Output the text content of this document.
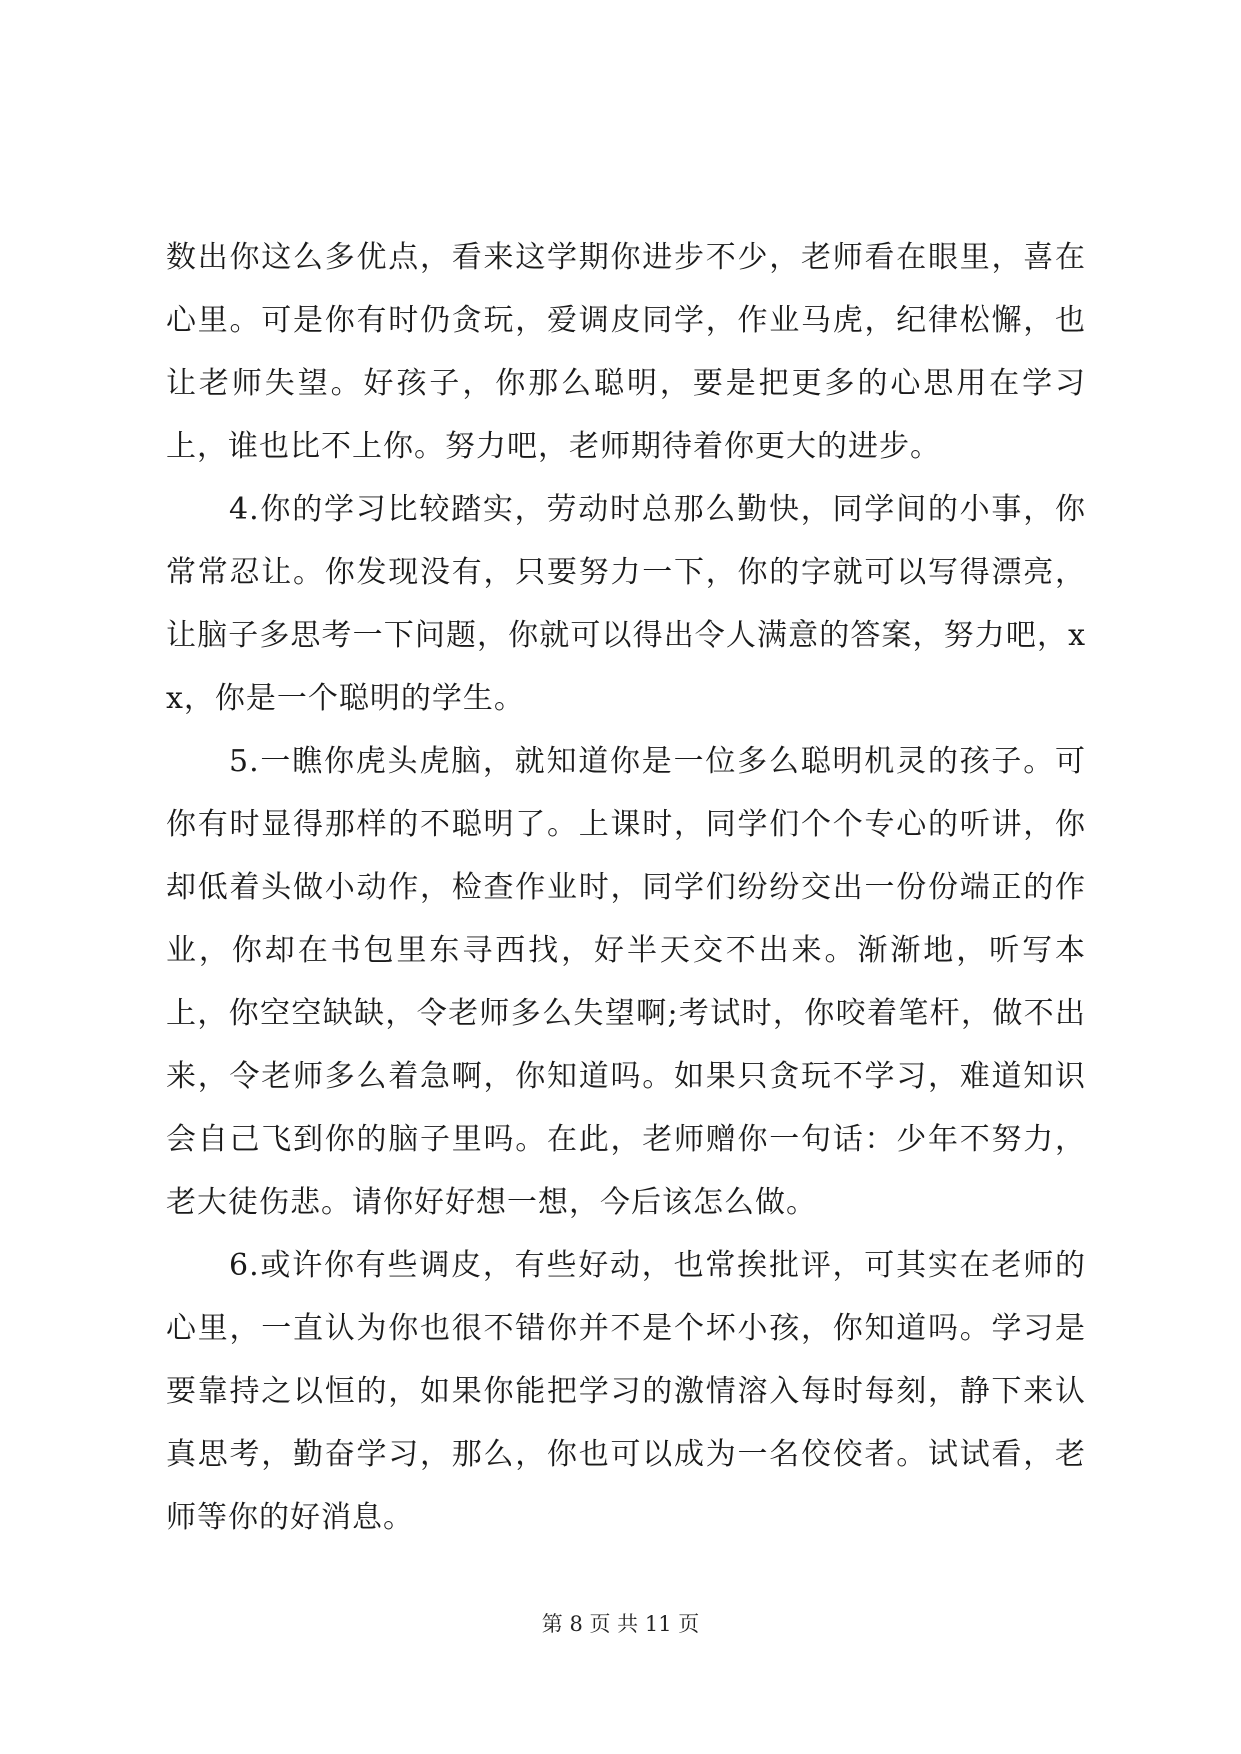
数出你这么多优点，看来这学期你进步不少，老师看在眼里，喜在心里。可是你有时仍贪玩，爱调皮同学，作业马虎，纪律松懈，也让老师失望。好孩子，你那么聪明，要是把更多的心思用在学习上，谁也比不上你。努力吧，老师期待着你更大的进步。

4.你的学习比较踏实，劳动时总那么勤快，同学间的小事，你常常忍让。你发现没有，只要努力一下，你的字就可以写得漂亮，让脑子多思考一下问题，你就可以得出令人满意的答案，努力吧，xx，你是一个聪明的学生。

5.一瞧你虎头虎脑，就知道你是一位多么聪明机灵的孩子。可你有时显得那样的不聪明了。上课时，同学们个个专心的听讲，你却低着头做小动作，检查作业时，同学们纷纷交出一份份端正的作业，你却在书包里东寻西找，好半天交不出来。渐渐地，听写本上，你空空缺缺，令老师多么失望啊;考试时，你咬着笔杆，做不出来，令老师多么着急啊，你知道吗。如果只贪玩不学习，难道知识会自己飞到你的脑子里吗。在此，老师赠你一句话：少年不努力，老大徒伤悲。请你好好想一想，今后该怎么做。

6.或许你有些调皮，有些好动，也常挨批评，可其实在老师的心里，一直认为你也很不错你并不是个坏小孩，你知道吗。学习是要靠持之以恒的，如果你能把学习的激情溶入每时每刻，静下来认真思考，勤奋学习，那么，你也可以成为一名佼佼者。试试看，老师等你的好消息。

第 8 页 共 11 页
